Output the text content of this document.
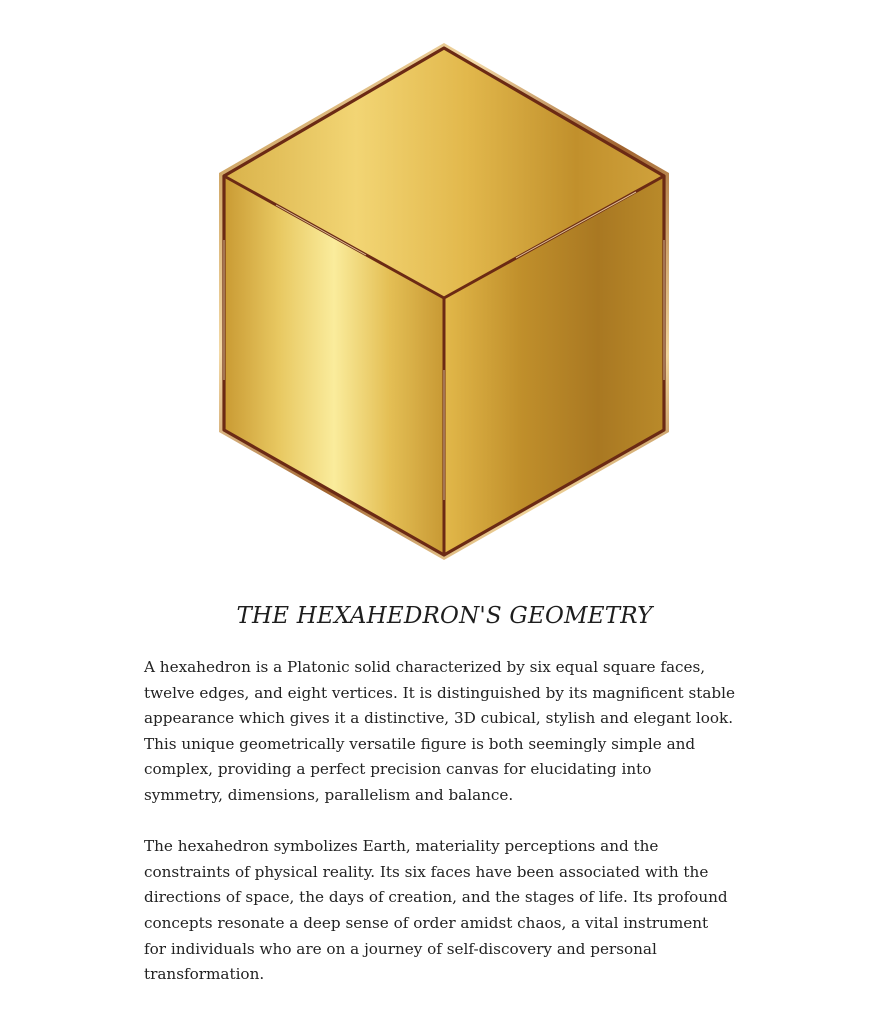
THE HEXAHEDRON'S GEOMETRY

A hexahedron is a Platonic solid characterized by six equal square faces,
twelve edges, and eight vertices. It is distinguished by its magnificent stable
appearance which gives it a distinctive, 3D cubical, stylish and elegant look.
This unique geometrically versatile figure is both seemingly simple and
complex, providing a perfect precision canvas for elucidating into
symmetry, dimensions, parallelism and balance.

The hexahedron symbolizes Earth, materiality perceptions and the
constraints of physical reality. Its six faces have been associated with the
directions of space, the days of creation, and the stages of life. Its profound
concepts resonate a deep sense of order amidst chaos, a vital instrument
for individuals who are on a journey of self-discovery and personal
transformation.
